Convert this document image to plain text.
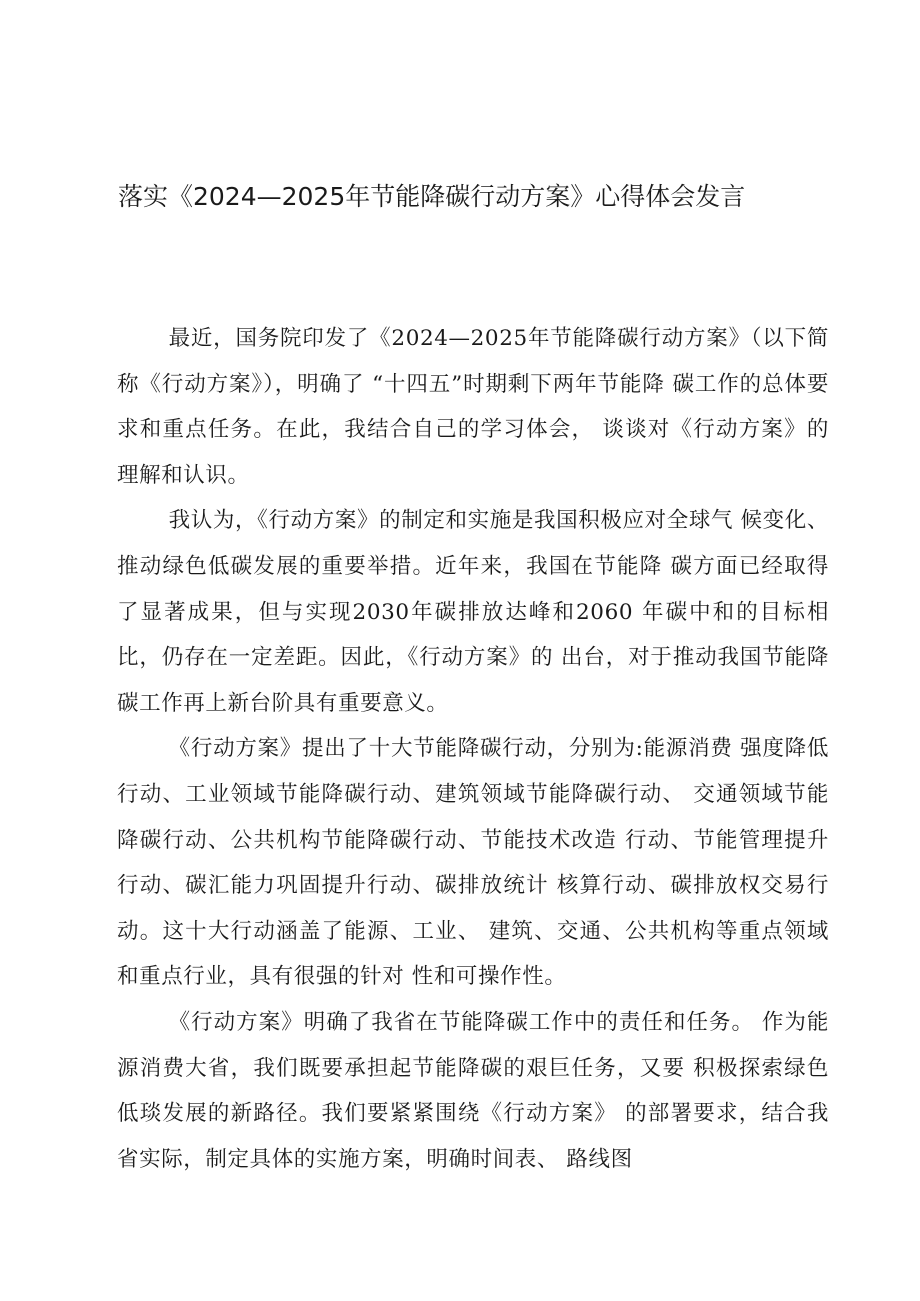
落实《2024—2025年节能降碳行动方案》心得体会发言

最近，国务院印发了《2024—2025年节能降碳行动方案》（以下简称《行动方案》），明确了 “十四五”时期剩下两年节能降 碳工作的总体要求和重点任务。在此，我结合自己的学习体会， 谈谈对《行动方案》的理解和认识。

我认为，《行动方案》的制定和实施是我国积极应对全球气 候变化、推动绿色低碳发展的重要举措。近年来，我国在节能降 碳方面已经取得了显著成果，但与实现2030年碳排放达峰和2060 年碳中和的目标相比，仍存在一定差距。因此，《行动方案》的 出台，对于推动我国节能降碳工作再上新台阶具有重要意义。

《行动方案》提出了十大节能降碳行动，分别为:能源消费 强度降低行动、工业领域节能降碳行动、建筑领域节能降碳行动、 交通领域节能降碳行动、公共机构节能降碳行动、节能技术改造 行动、节能管理提升行动、碳汇能力巩固提升行动、碳排放统计 核算行动、碳排放权交易行动。这十大行动涵盖了能源、工业、 建筑、交通、公共机构等重点领域和重点行业，具有很强的针对 性和可操作性。

《行动方案》明确了我省在节能降碳工作中的责任和任务。 作为能源消费大省，我们既要承担起节能降碳的艰巨任务，又要 积极探索绿色低琰发展的新路径。我们要紧紧围绕《行动方案》 的部署要求，结合我省实际，制定具体的实施方案，明确时间表、 路线图
